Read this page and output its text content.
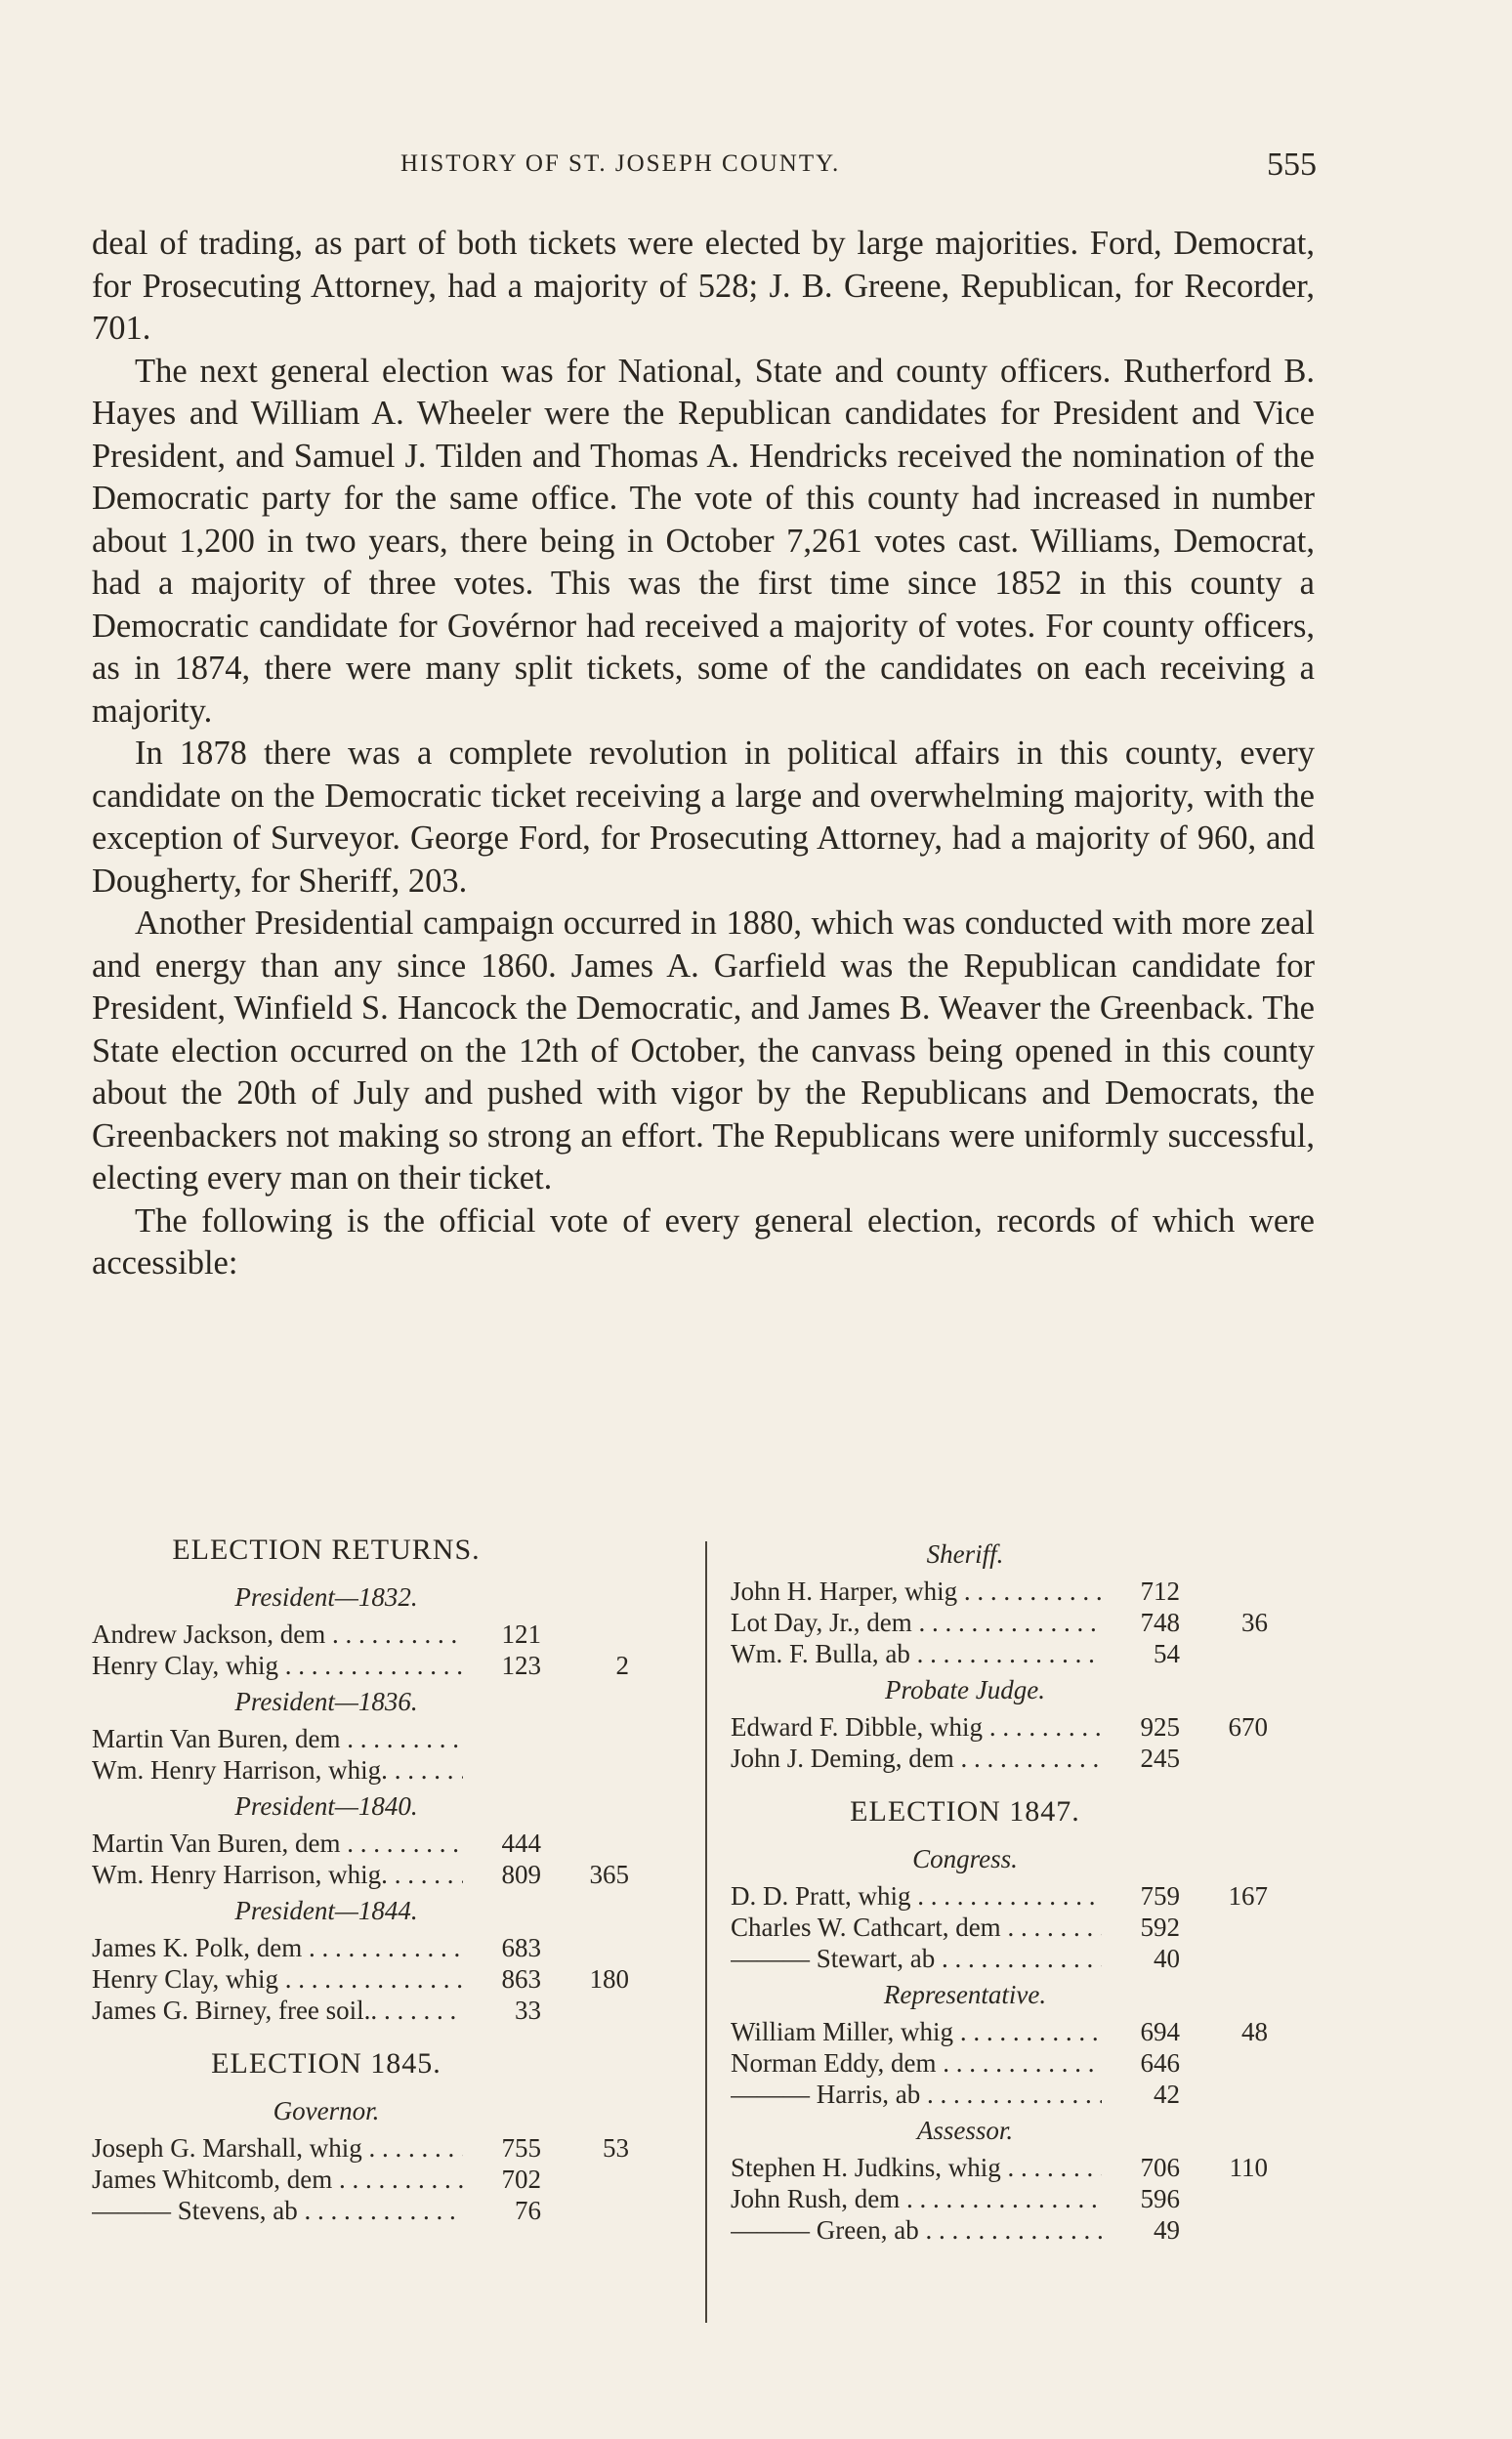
HISTORY OF ST. JOSEPH COUNTY.	555

deal of trading, as part of both tickets were elected by large majorities. Ford, Democrat, for Prosecuting Attorney, had a majority of 528; J. B. Greene, Republican, for Recorder, 701.

The next general election was for National, State and county officers. Rutherford B. Hayes and William A. Wheeler were the Republican candidates for President and Vice President, and Samuel J. Tilden and Thomas A. Hendricks received the nomination of the Democratic party for the same office. The vote of this county had increased in number about 1,200 in two years, there being in October 7,261 votes cast. Williams, Democrat, had a majority of three votes. This was the first time since 1852 in this county a Democratic candidate for Govérnor had received a majority of votes. For county officers, as in 1874, there were many split tickets, some of the candidates on each receiving a majority.

In 1878 there was a complete revolution in political affairs in this county, every candidate on the Democratic ticket receiving a large and overwhelming majority, with the exception of Surveyor. George Ford, for Prosecuting Attorney, had a majority of 960, and Dougherty, for Sheriff, 203.

Another Presidential campaign occurred in 1880, which was conducted with more zeal and energy than any since 1860. James A. Garfield was the Republican candidate for President, Winfield S. Hancock the Democratic, and James B. Weaver the Greenback. The State election occurred on the 12th of October, the canvass being opened in this county about the 20th of July and pushed with vigor by the Republicans and Democrats, the Greenbackers not making so strong an effort. The Republicans were uniformly successful, electing every man on their ticket.

The following is the official vote of every general election, records of which were accessible:

ELECTION RETURNS.
President—1832.
Andrew Jackson, dem . . .	121
Henry Clay, whig . . .	123	2
President—1836.
Martin Van Buren, dem . . .
Wm. Henry Harrison, whig. . . .
President—1840.
Martin Van Buren, dem . . .	444
Wm. Henry Harrison, whig. . . .	809	365
President—1844.
James K. Polk, dem . . .	683
Henry Clay, whig . . .	863	180
James G. Birney, free soil.. . . .	33
ELECTION 1845.
Governor.
Joseph G. Marshall, whig . . .	755	53
James Whitcomb, dem . . .	702
——— Stevens, ab . . .	76
Sheriff.
John H. Harper, whig . . .	712
Lot Day, Jr., dem . . .	748	36
Wm. F. Bulla, ab . . .	54
Probate Judge.
Edward F. Dibble, whig . . .	925	670
John J. Deming, dem . . .	245
ELECTION 1847.
Congress.
D. D. Pratt, whig . . .	759	167
Charles W. Cathcart, dem . . .	592
——— Stewart, ab . . .	40
Representative.
William Miller, whig . . .	694	48
Norman Eddy, dem . . .	646
——— Harris, ab . . .	42
Assessor.
Stephen H. Judkins, whig . . .	706	110
John Rush, dem . . .	596
——— Green, ab . . .	49
